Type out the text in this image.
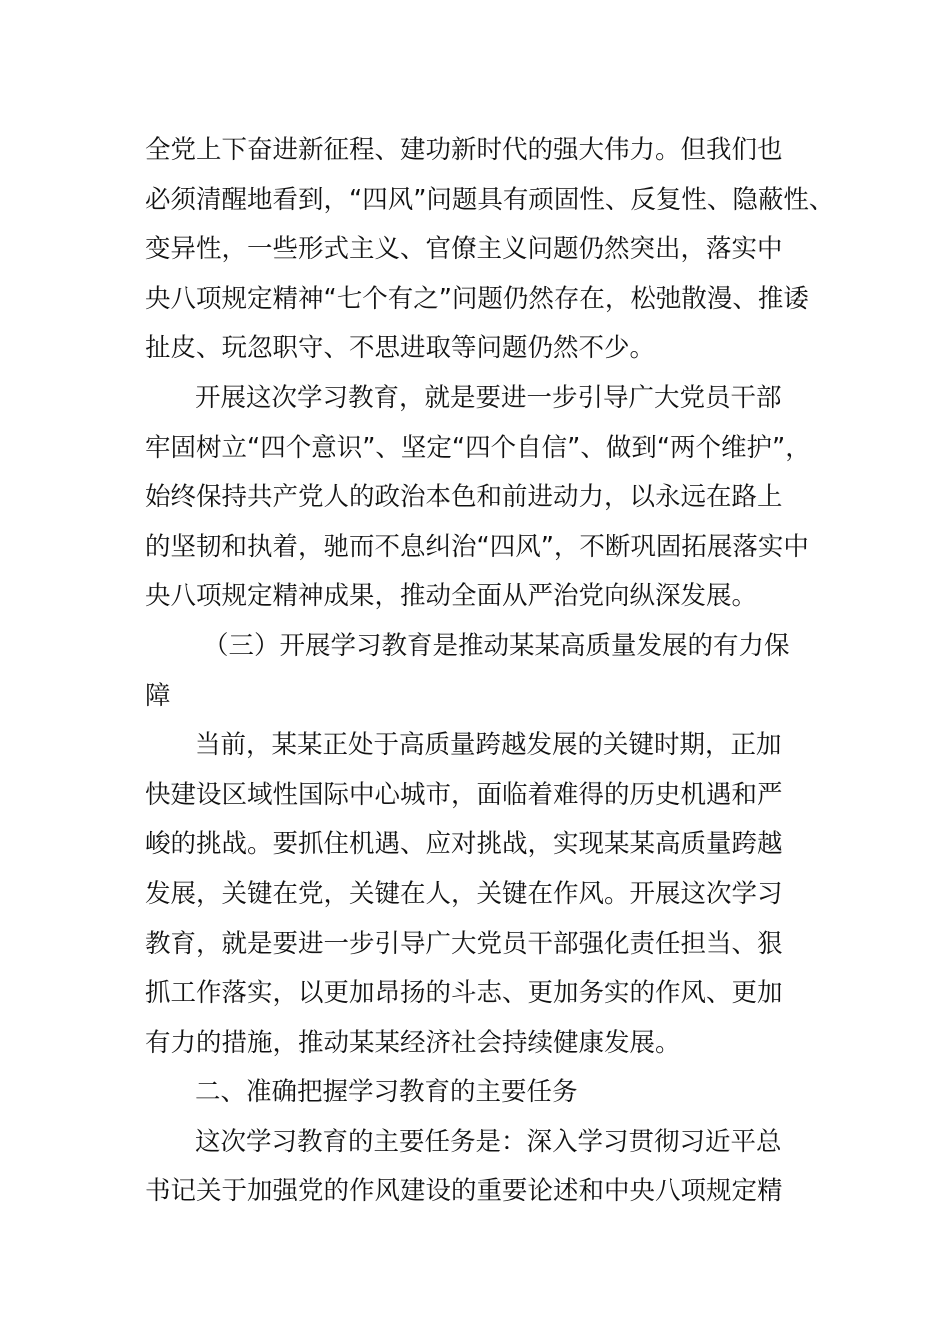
全党上下奋进新征程、建功新时代的强大伟力。但我们也
必须清醒地看到，“四风”问题具有顽固性、反复性、隐蔽性、
变异性，一些形式主义、官僚主义问题仍然突出，落实中
央八项规定精神“七个有之”问题仍然存在，松弛散漫、推诿
扯皮、玩忽职守、不思进取等问题仍然不少。
开展这次学习教育，就是要进一步引导广大党员干部
牢固树立“四个意识”、坚定“四个自信”、做到“两个维护”，
始终保持共产党人的政治本色和前进动力，以永远在路上
的坚韧和执着，驰而不息纠治“四风”，不断巩固拓展落实中
央八项规定精神成果，推动全面从严治党向纵深发展。
（三）开展学习教育是推动某某高质量发展的有力保
障
当前，某某正处于高质量跨越发展的关键时期，正加
快建设区域性国际中心城市，面临着难得的历史机遇和严
峻的挑战。要抓住机遇、应对挑战，实现某某高质量跨越
发展，关键在党，关键在人，关键在作风。开展这次学习
教育，就是要进一步引导广大党员干部强化责任担当、狠
抓工作落实，以更加昂扬的斗志、更加务实的作风、更加
有力的措施，推动某某经济社会持续健康发展。
二、准确把握学习教育的主要任务
这次学习教育的主要任务是：深入学习贯彻习近平总
书记关于加强党的作风建设的重要论述和中央八项规定精
